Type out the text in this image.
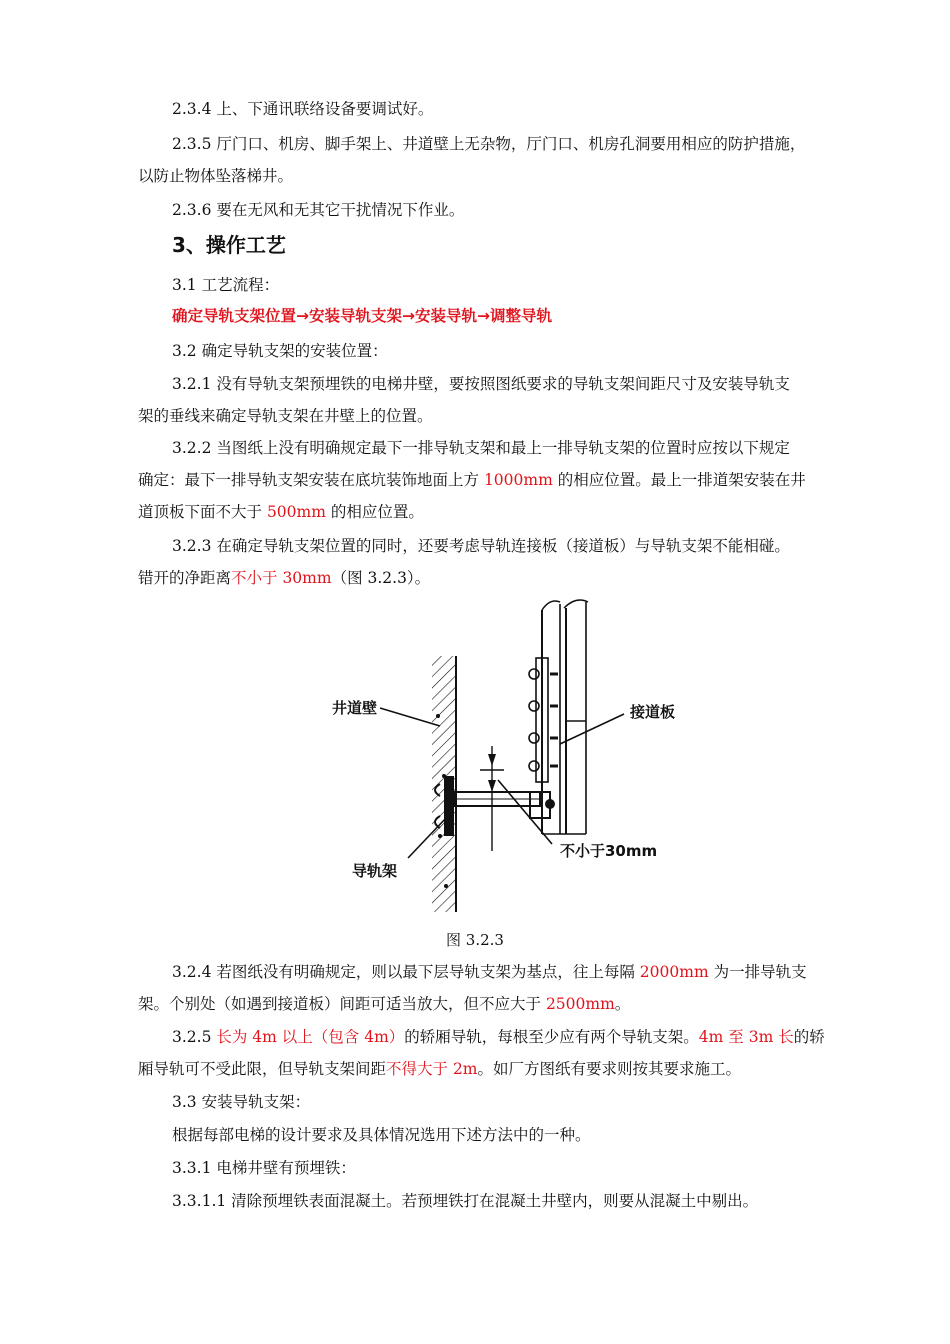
2.3.4 上、下通讯联络设备要调试好。
2.3.5 厅门口、机房、脚手架上、井道壁上无杂物，厅门口、机房孔洞要用相应的防护措施，
以防止物体坠落梯井。
2.3.6 要在无风和无其它干扰情况下作业。
3、操作工艺
3.1 工艺流程：
确定导轨支架位置→安装导轨支架→安装导轨→调整导轨
3.2 确定导轨支架的安装位置：
3.2.1 没有导轨支架预埋铁的电梯井壁，要按照图纸要求的导轨支架间距尺寸及安装导轨支
架的垂线来确定导轨支架在井壁上的位置。
3.2.2 当图纸上没有明确规定最下一排导轨支架和最上一排导轨支架的位置时应按以下规定
确定：最下一排导轨支架安装在底坑装饰地面上方 1000mm 的相应位置。最上一排道架安装在井
道顶板下面不大于 500mm 的相应位置。
3.2.3 在确定导轨支架位置的同时，还要考虑导轨连接板（接道板）与导轨支架不能相碰。
错开的净距离不小于 30mm（图 3.2.3）。
井道壁	接道板
导轨架
不小于30mm
图 3.2.3
3.2.4 若图纸没有明确规定，则以最下层导轨支架为基点，往上每隔 2000mm 为一排导轨支
架。个别处（如遇到接道板）间距可适当放大，但不应大于 2500mm。
3.2.5 长为 4m 以上（包含 4m）的轿厢导轨，每根至少应有两个导轨支架。4m 至 3m 长的轿
厢导轨可不受此限，但导轨支架间距不得大于 2m。如厂方图纸有要求则按其要求施工。
3.3 安装导轨支架：
根据每部电梯的设计要求及具体情况选用下述方法中的一种。
3.3.1 电梯井壁有预埋铁：
3.3.1.1 清除预埋铁表面混凝土。若预埋铁打在混凝土井壁内，则要从混凝土中剔出。
